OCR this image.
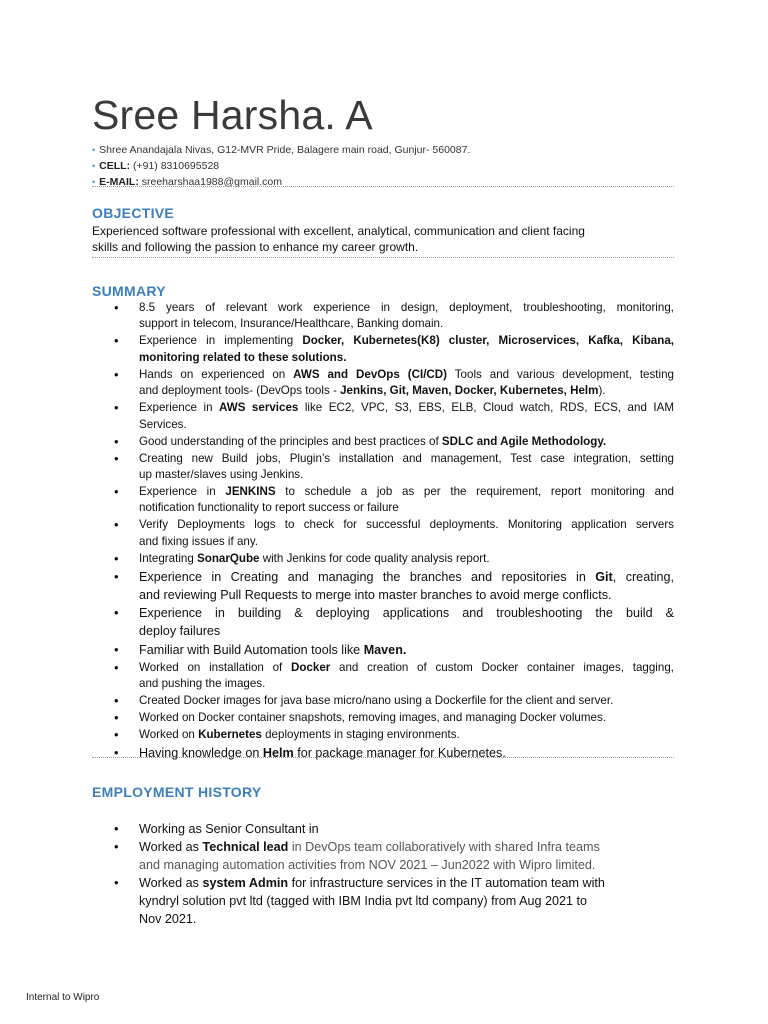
Sree Harsha. A
• Shree Anandajala Nivas, G12-MVR Pride, Balagere main road, Gunjur- 560087.
• CELL: (+91) 8310695528
• E-MAIL: sreeharshaa1988@gmail.com
OBJECTIVE
Experienced software professional with excellent, analytical, communication and client facing
skills and following the passion to enhance my career growth.
SUMMARY
• 8.5 years of relevant work experience in design, deployment, troubleshooting, monitoring,
support in telecom, Insurance/Healthcare, Banking domain.
• Experience in implementing Docker, Kubernetes(K8) cluster, Microservices, Kafka, Kibana,
monitoring related to these solutions.
• Hands on experienced on AWS and DevOps (CI/CD) Tools and various development, testing
and deployment tools- (DevOps tools - Jenkins, Git, Maven, Docker, Kubernetes, Helm).
• Experience in AWS services like EC2, VPC, S3, EBS, ELB, Cloud watch, RDS, ECS, and IAM
Services.
• Good understanding of the principles and best practices of SDLC and Agile Methodology.
• Creating new Build jobs, Plugin’s installation and management, Test case integration, setting
up master/slaves using Jenkins.
• Experience in JENKINS to schedule a job as per the requirement, report monitoring and
notification functionality to report success or failure
• Verify Deployments logs to check for successful deployments. Monitoring application servers
and fixing issues if any.
• Integrating SonarQube with Jenkins for code quality analysis report.
• Experience in Creating and managing the branches and repositories in Git, creating,
and reviewing Pull Requests to merge into master branches to avoid merge conflicts.
• Experience in building & deploying applications and troubleshooting the build &
deploy failures
• Familiar with Build Automation tools like Maven.
• Worked on installation of Docker and creation of custom Docker container images, tagging,
and pushing the images.
• Created Docker images for java base micro/nano using a Dockerfile for the client and server.
• Worked on Docker container snapshots, removing images, and managing Docker volumes.
• Worked on Kubernetes deployments in staging environments.
• Having knowledge on Helm for package manager for Kubernetes.
EMPLOYMENT HISTORY
• Working as Senior Consultant in
• Worked as Technical lead in DevOps team collaboratively with shared Infra teams
and managing automation activities from NOV 2021 – Jun2022 with Wipro limited.
• Worked as system Admin for infrastructure services in the IT automation team with
kyndryl solution pvt ltd (tagged with IBM India pvt ltd company) from Aug 2021 to
Nov 2021.
Internal to Wipro
